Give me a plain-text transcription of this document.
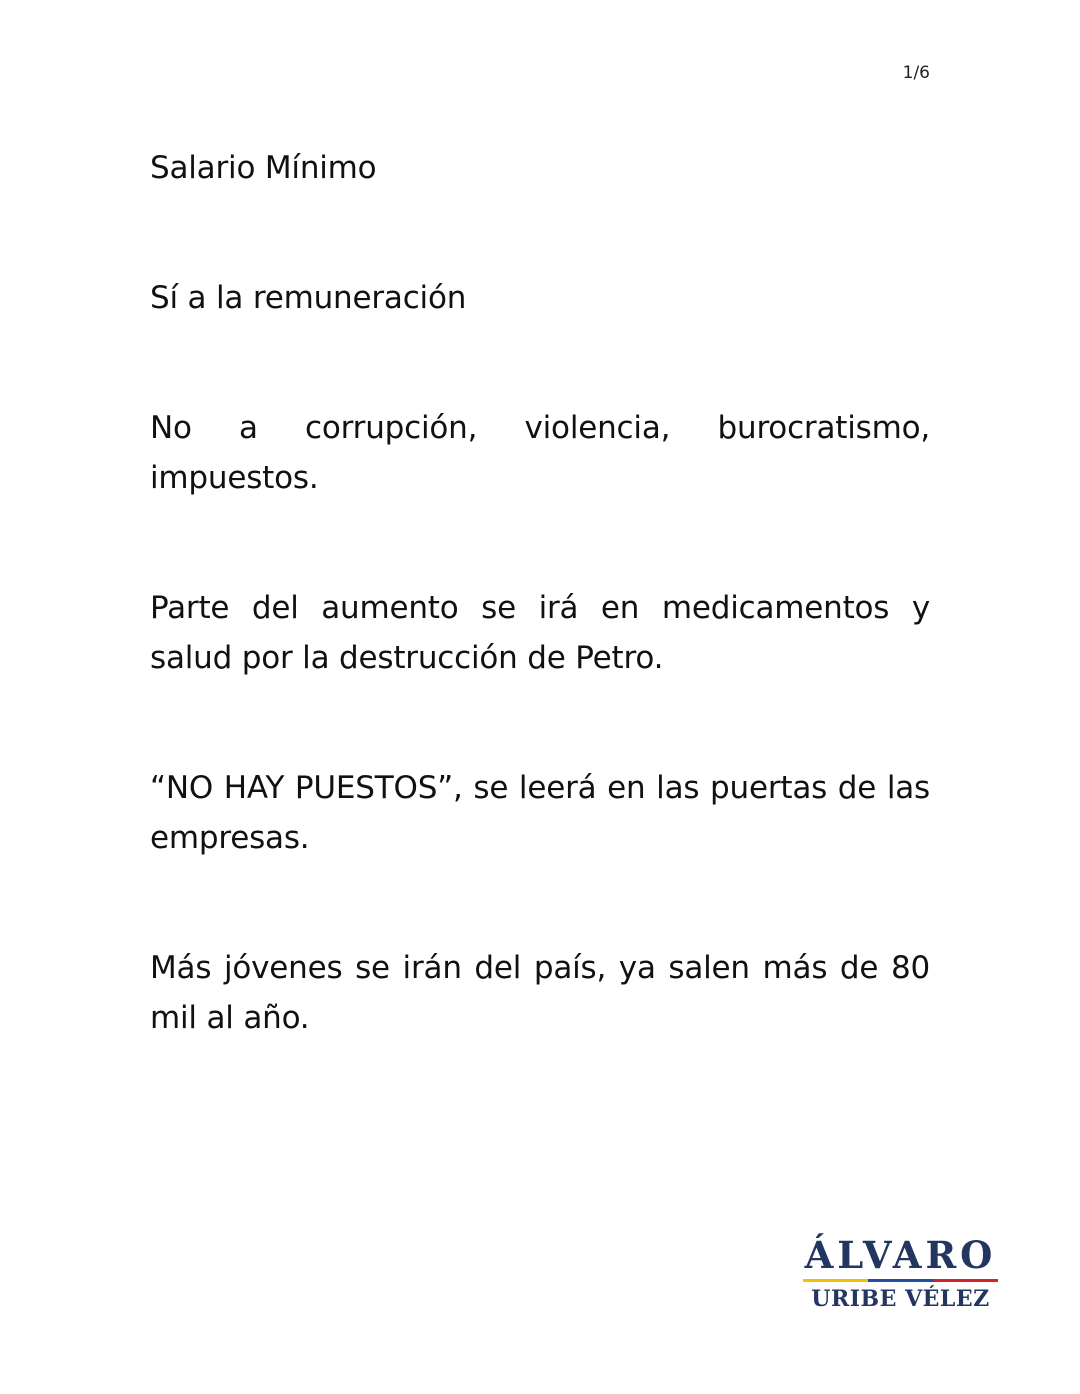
1/6

Salario Mínimo

Sí a la remuneración

No a corrupción, violencia, burocratismo, impuestos.

Parte del aumento se irá en medicamentos y salud por la destrucción de Petro.

“NO HAY PUESTOS”, se leerá en las puertas de las empresas.

Más jóvenes se irán del país, ya salen más de 80 mil al año.

ÁLVARO
URIBE VÉLEZ
